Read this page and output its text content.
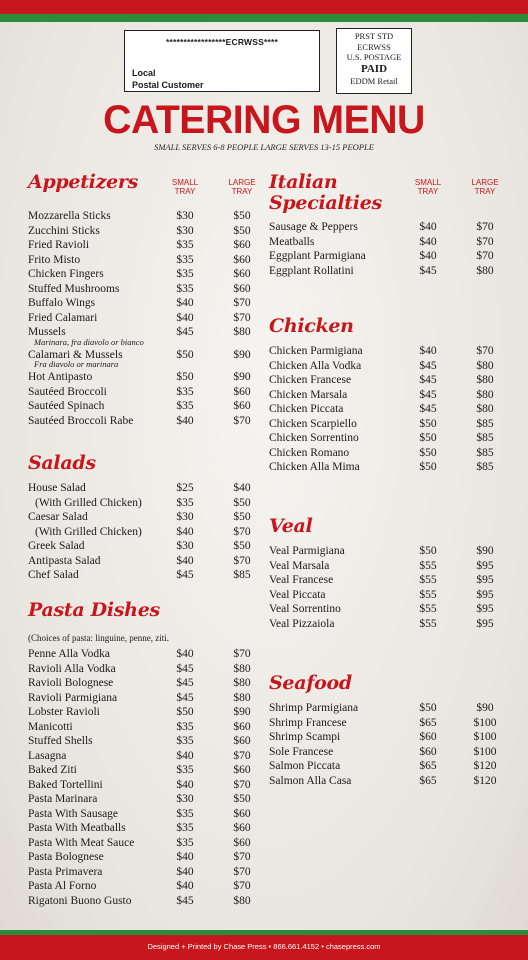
*****************ECRWSS****
Local
Postal Customer
PRST STD
ECRWSS
U.S. POSTAGE
PAID
EDDM Retail
CATERING MENU
SMALL SERVES 6-8 PEOPLE LARGE SERVES 13-15 PEOPLE
Appetizers	SMALL
TRAY
LARGE
TRAY
Mozzarella Sticks	$30	$50
Zucchini Sticks	$30	$50
Fried Ravioli	$35	$60
Frito Misto	$35	$60
Chicken Fingers	$35	$60
Stuffed Mushrooms	$35	$60
Buffalo Wings	$40	$70
Fried Calamari	$40	$70
Mussels	$45	$80
Marinara, fra diavolo or bianco
Calamari & Mussels	$50	$90
Fra diavolo or marinara
Hot Antipasto	$50	$90
Sautéed Broccoli	$35	$60
Sautéed Spinach	$35	$60
Sautéed Broccoli Rabe	$40	$70
Salads
House Salad	$25	$40
(With Grilled Chicken)	$35	$50
Caesar Salad	$30	$50
(With Grilled Chicken)	$40	$70
Greek Salad	$30	$50
Antipasta Salad	$40	$70
Chef Salad	$45	$85
Pasta Dishes
(Choices of pasta: linguine, penne, ziti.
Penne Alla Vodka	$40	$70
Ravioli Alla Vodka	$45	$80
Ravioli Bolognese	$45	$80
Ravioli Parmigiana	$45	$80
Lobster Ravioli	$50	$90
Manicotti	$35	$60
Stuffed Shells	$35	$60
Lasagna	$40	$70
Baked Ziti	$35	$60
Baked Tortellini	$40	$70
Pasta Marinara	$30	$50
Pasta With Sausage	$35	$60
Pasta With Meatballs	$35	$60
Pasta With Meat Sauce	$35	$60
Pasta Bolognese	$40	$70
Pasta Primavera	$40	$70
Pasta Al Forno	$40	$70
Rigatoni Buono Gusto	$45	$80
Italian
Specialties
SMALL
TRAY
LARGE
TRAY
Sausage & Peppers	$40	$70
Meatballs	$40	$70
Eggplant Parmigiana	$40	$70
Eggplant Rollatini	$45	$80
Chicken
Chicken Parmigiana	$40	$70
Chicken Alla Vodka	$45	$80
Chicken Francese	$45	$80
Chicken Marsala	$45	$80
Chicken Piccata	$45	$80
Chicken Scarpiello	$50	$85
Chicken Sorrentino	$50	$85
Chicken Romano	$50	$85
Chicken Alla Mima	$50	$85
Veal
Veal Parmigiana	$50	$90
Veal Marsala	$55	$95
Veal Francese	$55	$95
Veal Piccata	$55	$95
Veal Sorrentino	$55	$95
Veal Pizzaiola	$55	$95
Seafood
Shrimp Parmigiana	$50	$90
Shrimp Francese	$65	$100
Shrimp Scampi	$60	$100
Sole Francese	$60	$100
Salmon Piccata	$65	$120
Salmon Alla Casa	$65	$120
Designed + Printed by Chase Press • 866.661.4152 • chasepress.com
